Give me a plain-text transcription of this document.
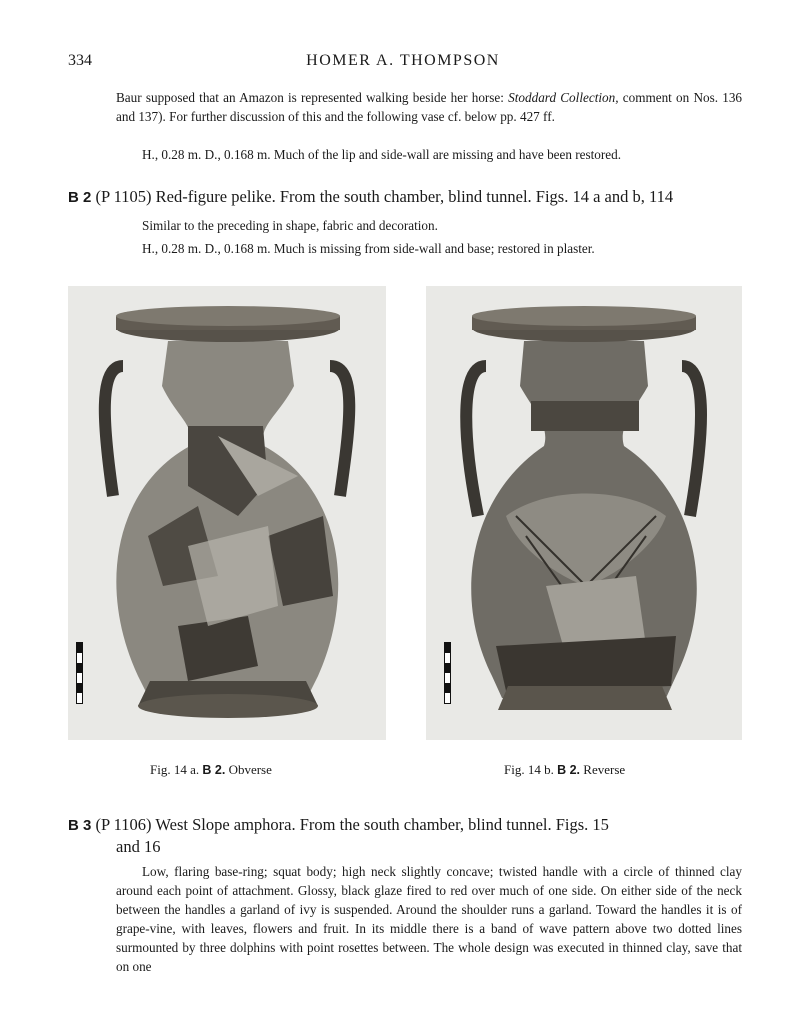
334	HOMER A. THOMPSON
Baur supposed that an Amazon is represented walking beside her horse: Stoddard Collection, comment on Nos. 136 and 137). For further discussion of this and the following vase cf. below pp. 427 ff.
H., 0.28 m. D., 0.168 m. Much of the lip and side-wall are missing and have been restored.
B 2 (P 1105) Red-figure pelike. From the south chamber, blind tunnel. Figs. 14 a and b, 114
Similar to the preceding in shape, fabric and decoration.
H., 0.28 m. D., 0.168 m. Much is missing from side-wall and base; restored in plaster.
Fig. 14 a. B 2. Obverse	Fig. 14 b. B 2. Reverse
B 3 (P 1106) West Slope amphora. From the south chamber, blind tunnel. Figs. 15
and 16
Low, flaring base-ring; squat body; high neck slightly concave; twisted handle with a circle of thinned clay around each point of attachment. Glossy, black glaze fired to red over much of one side. On either side of the neck between the handles a garland of ivy is suspended. Around the shoulder runs a garland. Toward the handles it is of grape-vine, with leaves, flowers and fruit. In its middle there is a band of wave pattern above two dotted lines surmounted by three dolphins with point rosettes between. The whole design was executed in thinned clay, save that on one
